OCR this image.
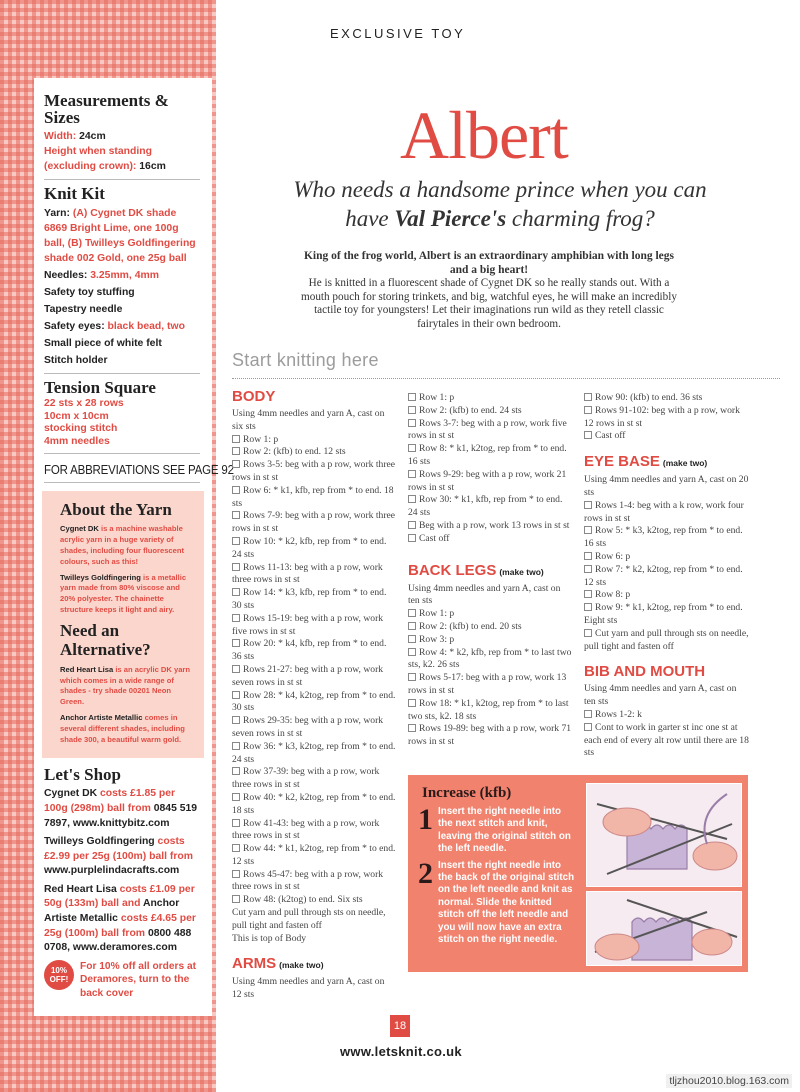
EXCLUSIVE TOY
Albert
Who needs a handsome prince when you can
have Val Pierce's charming frog?
King of the frog world, Albert is an extraordinary amphibian with long legs and a big heart!
He is knitted in a fluorescent shade of Cygnet DK so he really stands out. With a mouth pouch for storing trinkets, and big, watchful eyes, he will make an incredibly tactile toy for youngsters! Let their imaginations run wild as they retell classic fairytales in their own bedroom.
Measurements & Sizes
Width: 24cm
Height when standing (excluding crown): 16cm
Knit Kit
Yarn: (A) Cygnet DK shade 6869 Bright Lime, one 100g ball, (B) Twilleys Goldfingering shade 002 Gold, one 25g ball
Needles: 3.25mm, 4mm
Safety toy stuffing
Tapestry needle
Safety eyes: black bead, two
Small piece of white felt
Stitch holder
Tension Square
22 sts x 28 rows
10cm x 10cm
stocking stitch
4mm needles
FOR ABBREVIATIONS SEE PAGE 92
About the Yarn

Cygnet DK is a machine washable acrylic yarn in a huge variety of shades, including four fluorescent colours, such as this!

Twilleys Goldfingering is a metallic yarn made from 80% viscose and 20% polyester. The chainette structure keeps it light and airy.

Need an Alternative?

Red Heart Lisa is an acrylic DK yarn which comes in a wide range of shades - try shade 00201 Neon Green.

Anchor Artiste Metallic comes in several different shades, including shade 300, a beautiful warm gold.

Let's Shop

Cygnet DK costs £1.85 per 100g (298m) ball from 0845 519 7897, www.knittybitz.com

Twilleys Goldfingering costs £2.99 per 25g (100m) ball from www.purplelindacrafts.com

Red Heart Lisa costs £1.09 per 50g (133m) ball and Anchor Artiste Metallic costs £4.65 per 25g (100m) ball from 0800 488 0708, www.deramores.com

10%
OFF!
For 10% off all orders at Deramores, turn to the back cover
Start knitting here
BODY

Using 4mm needles and yarn A, cast on six sts

Row 1: p

Row 2: (kfb) to end. 12 sts

Rows 3-5: beg with a p row, work three rows in st st

Row 6: * k1, kfb, rep from * to end. 18 sts

Rows 7-9: beg with a p row, work three rows in st st

Row 10: * k2, kfb, rep from * to end. 24 sts

Rows 11-13: beg with a p row, work three rows in st st

Row 14: * k3, kfb, rep from * to end. 30 sts

Rows 15-19: beg with a p row, work five rows in st st

Row 20: * k4, kfb, rep from * to end. 36 sts

Rows 21-27: beg with a p row, work seven rows in st st

Row 28: * k4, k2tog, rep from * to end. 30 sts

Rows 29-35: beg with a p row, work seven rows in st st

Row 36: * k3, k2tog, rep from * to end. 24 sts

Row 37-39: beg with a p row, work three rows in st st

Row 40: * k2, k2tog, rep from * to end. 18 sts

Row 41-43: beg with a p row, work three rows in st st

Row 44: * k1, k2tog, rep from * to end. 12 sts

Rows 45-47: beg with a p row, work three rows in st st

Row 48: (k2tog) to end. Six sts

Cut yarn and pull through sts on needle, pull tight and fasten off

This is top of Body

ARMS (make two)

Using 4mm needles and yarn A, cast on 12 sts

Row 1: p

Row 2: (kfb) to end. 24 sts

Rows 3-7: beg with a p row, work five rows in st st

Row 8: * k1, k2tog, rep from * to end. 16 sts

Rows 9-29: beg with a p row, work 21 rows in st st

Row 30: * k1, kfb, rep from * to end. 24 sts

Beg with a p row, work 13 rows in st st

Cast off

BACK LEGS (make two)

Using 4mm needles and yarn A, cast on ten sts

Row 1: p

Row 2: (kfb) to end. 20 sts

Row 3: p

Row 4: * k2, kfb, rep from * to last two sts, k2. 26 sts

Rows 5-17: beg with a p row, work 13 rows in st st

Row 18: * k1, k2tog, rep from * to last two sts, k2. 18 sts

Rows 19-89: beg with a p row, work 71 rows in st st

Row 90: (kfb) to end. 36 sts

Rows 91-102: beg with a p row, work 12 rows in st st

Cast off

EYE BASE (make two)

Using 4mm needles and yarn A, cast on 20 sts

Rows 1-4: beg with a k row, work four rows in st st

Row 5: * k3, k2tog, rep from * to end. 16 sts

Row 6: p

Row 7: * k2, k2tog, rep from * to end. 12 sts

Row 8: p

Row 9: * k1, k2tog, rep from * to end. Eight sts

Cut yarn and pull through sts on needle, pull tight and fasten off

BIB AND MOUTH

Using 4mm needles and yarn A, cast on ten sts

Rows 1-2: k

Cont to work in garter st inc one st at each end of every alt row until there are 18 sts

Increase (kfb)
1 Insert the right needle into the next stitch and knit, leaving the original stitch on the left needle.
2 Insert the right needle into the back of the original stitch on the left needle and knit as normal. Slide the knitted stitch off the left needle and you will now have an extra stitch on the right needle.
18
www.letsknit.co.uk
tljzhou2010.blog.163.com
